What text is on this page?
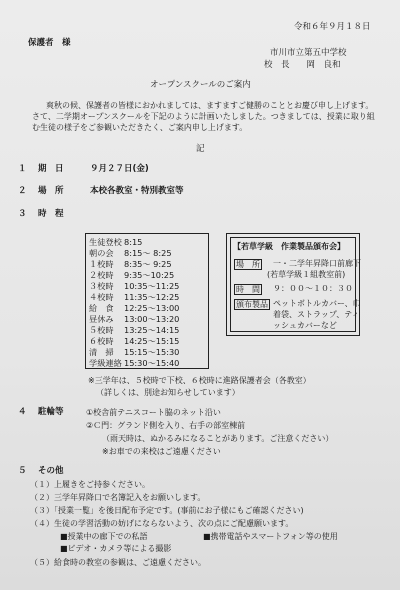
保護者　様
令和６年９月１８日
市川市立第五中学校
校　長　　岡　良和
オープンスクールのご案内
爽秋の候、保護者の皆様におかれましては、ますますご健勝のこととお慶び申し上げます。
さて、二学期オープンスクールを下記のように計画いたしました。つきましては、授業に取り組
む生徒の様子をご参観いただきたく、ご案内申し上げます。
記
１ 期　日	９月２７日(金)
２ 場　所	本校各教室・特別教室等
３ 時　程
生徒登校 8:15
朝の会 8:15～ 8:25
１校時 8:35～ 9:25
２校時 9:35～10:25
３校時 10:35～11:25
４校時 11:35～12:25
給　食 12:25～13:00
昼休み 13:00～13:20
５校時 13:25～14:15
６校時 14:25～15:15
清　掃 15:15～15:30
学級連絡 15:30～15:40
【若草学級　作業製品頒布会】
場　所 一・二学年昇降口前廊下
(若草学級１組教室前)
時　間 ９：００～１０：３０
頒布製品 ペットボトルカバー、巾
着袋、ストラップ、ティ
ッシュカバーなど
※三学年は、５校時で下校、６校時に進路保護者会（各教室）
（詳しくは、別途お知らせしています）
４ 駐輪等	①校舎前テニスコート脇のネット沿い
②Ｃ門：グランド側を入り、右手の部室棟前
（雨天時は、ぬかるみになることがあります。ご注意ください）
※お車での来校はご遠慮ください
５ その他
（１）上履きをご持参ください。
（２）三学年昇降口で名簿記入をお願いします。
（３）「授業一覧」を後日配布予定です。(事前にお子様にもご確認ください)
（４）生徒の学習活動の妨げにならないよう、次の点にご配慮願います。
■授業中の廊下での私語	■携帯電話やスマートフォン等の使用
■ビデオ・カメラ等による撮影
（５）給食時の教室の参観は、ご遠慮ください。
